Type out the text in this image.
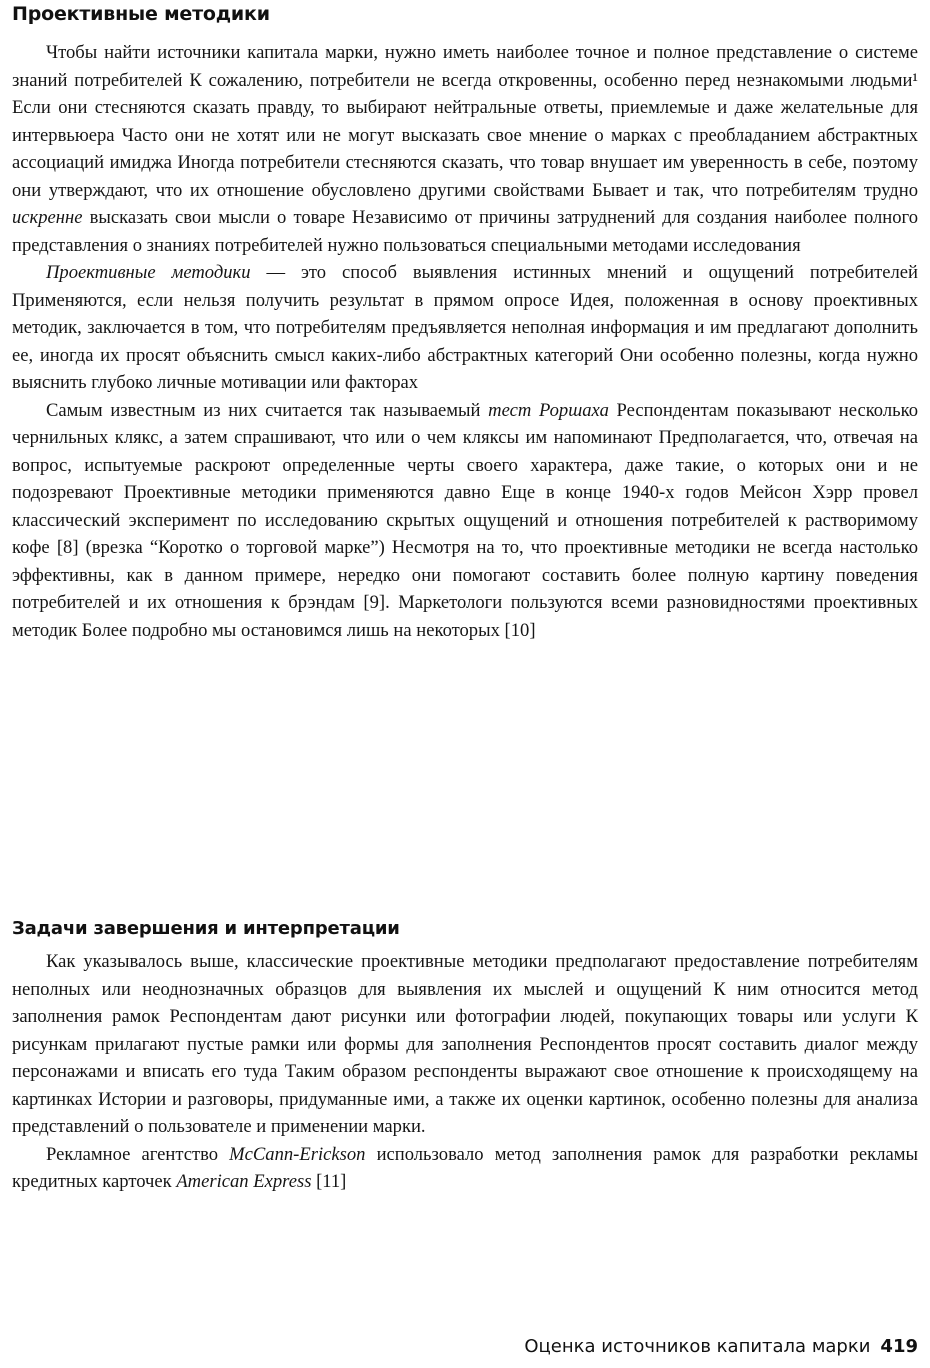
Проективные методики

Чтобы найти источники капитала марки, нужно иметь наиболее точное и полное представление о системе знаний потребителей К сожалению, потребители не всегда откровенны, особенно перед незнакомыми людьми¹ Если они стесняются сказать правду, то выбирают нейтральные ответы, приемлемые и даже желательные для интервьюера Часто они не хотят или не могут высказать свое мнение о марках с преобладанием абстрактных ассоциаций имиджа Иногда потребители стесняются сказать, что товар внушает им уверенность в себе, поэтому они утверждают, что их отношение обусловлено другими свойствами Бывает и так, что потребителям трудно искренне высказать свои мысли о товаре Независимо от причины затруднений для создания наиболее полного представления о знаниях потребителей нужно пользоваться специальными методами исследования

Проективные методики — это способ выявления истинных мнений и ощущений потребителей Применяются, если нельзя получить результат в прямом опросе Идея, положенная в основу проективных методик, заключается в том, что потребителям предъявляется неполная информация и им предлагают дополнить ее, иногда их просят объяснить смысл каких-либо абстрактных категорий Они особенно полезны, когда нужно выяснить глубоко личные мотивации или факторах

Самым известным из них считается так называемый тест Роршаха Респондентам показывают несколько чернильных клякс, а затем спрашивают, что или о чем кляксы им напоминают Предполагается, что, отвечая на вопрос, испытуемые раскроют определенные черты своего характера, даже такие, о которых они и не подозревают Проективные методики применяются давно Еще в конце 1940-х годов Мейсон Хэрр провел классический эксперимент по исследованию скрытых ощущений и отношения потребителей к растворимому кофе [8] (врезка “Коротко о торговой марке”) Несмотря на то, что проективные методики не всегда настолько эффективны, как в данном примере, нередко они помогают составить более полную картину поведения потребителей и их отношения к брэндам [9]. Маркетологи пользуются всеми разновидностями проективных методик Более подробно мы остановимся лишь на некоторых [10]

Задачи завершения и интерпретации

Как указывалось выше, классические проективные методики предполагают предоставление потребителям неполных или неоднозначных образцов для выявления их мыслей и ощущений К ним относится метод заполнения рамок Респондентам дают рисунки или фотографии людей, покупающих товары или услуги К рисункам прилагают пустые рамки или формы для заполнения Респондентов просят составить диалог между персонажами и вписать его туда Таким образом респонденты выражают свое отношение к происходящему на картинках Истории и разговоры, придуманные ими, а также их оценки картинок, особенно полезны для анализа представлений о пользователе и применении марки.

Рекламное агентство McCann-Erickson использовало метод заполнения рамок для разработки рекламы кредитных карточек American Express [11]

Оценка источников капитала марки 419
